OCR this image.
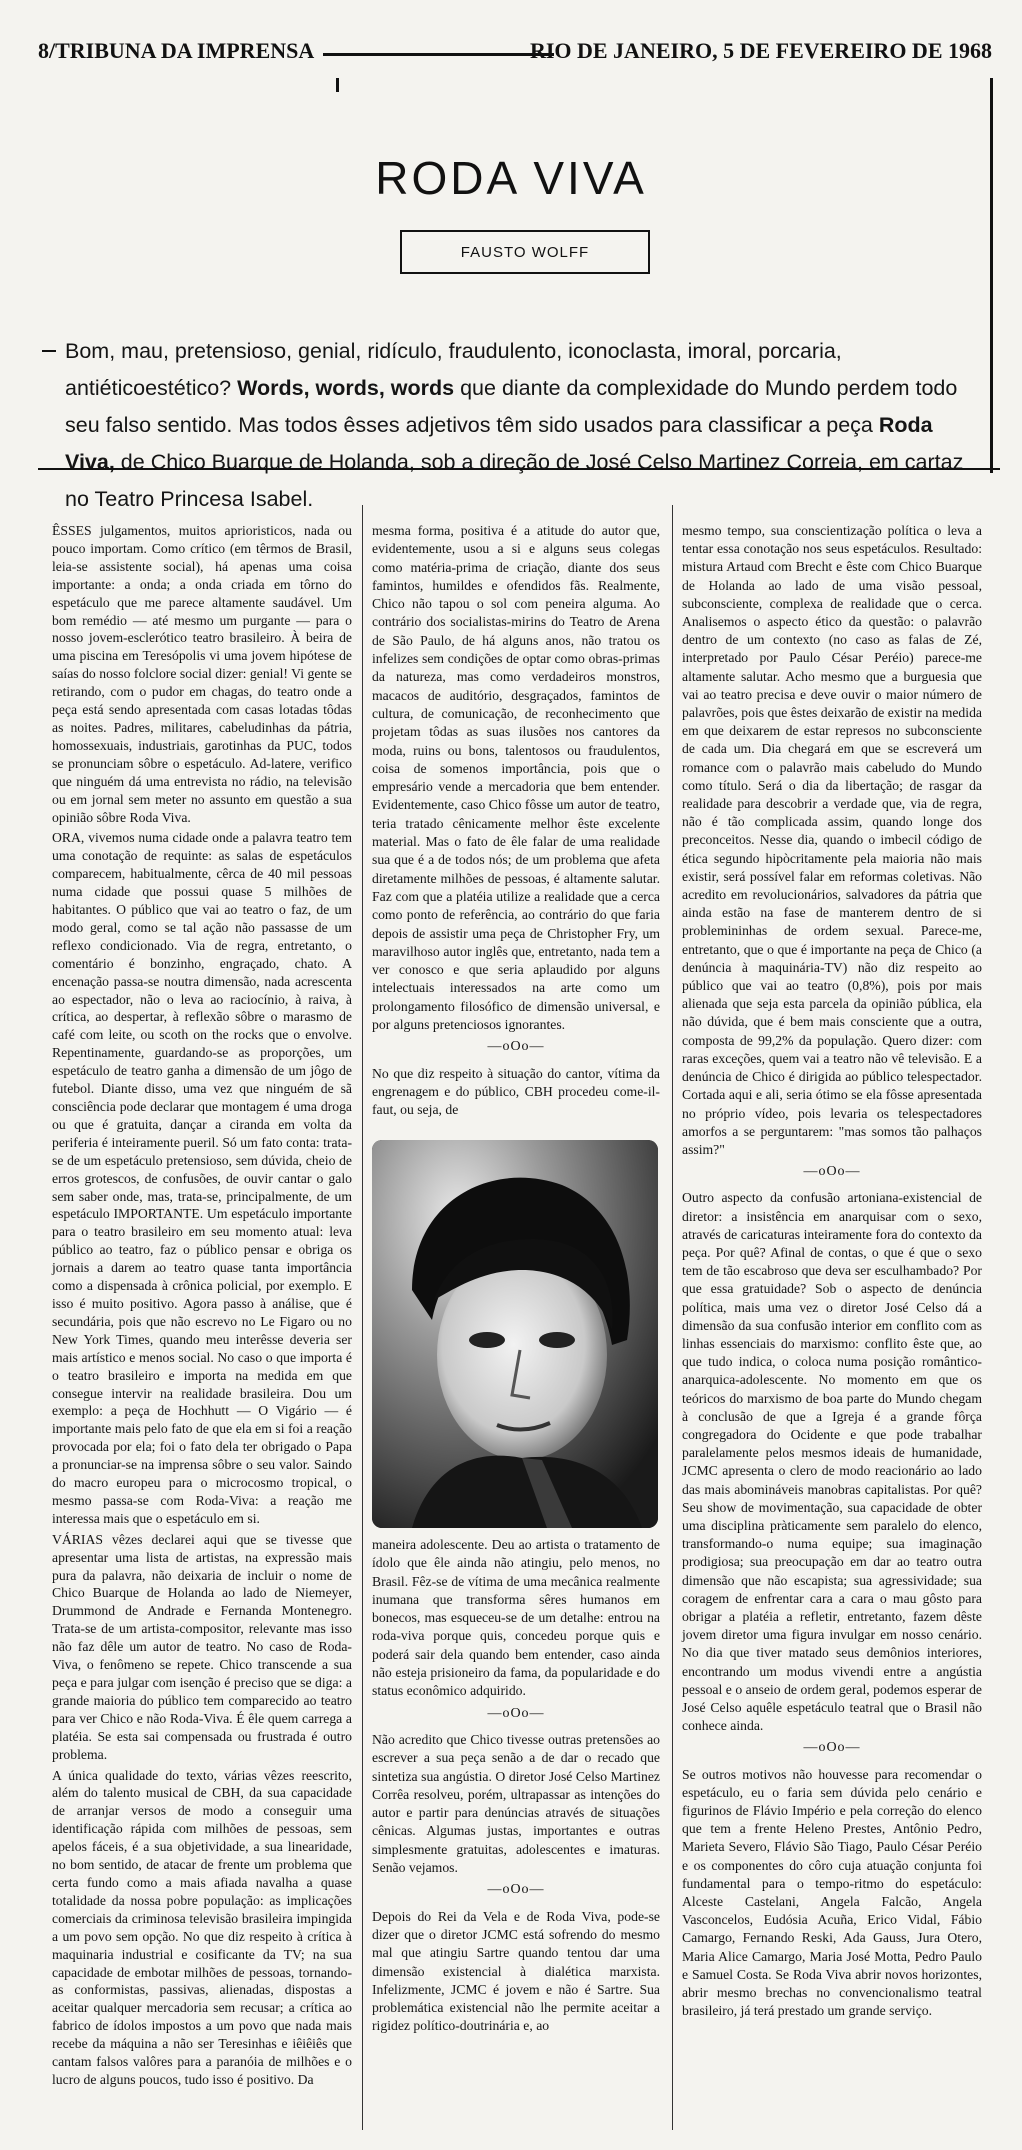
8/TRIBUNA DA IMPRENSA	RIO DE JANEIRO, 5 DE FEVEREIRO DE 1968
RODA VIVA
FAUSTO WOLFF
Bom, mau, pretensioso, genial, ridículo, fraudulento, iconoclasta, imoral, porcaria, antiéticoestético? Words, words, words que diante da complexidade do Mundo perdem todo seu falso sentido. Mas todos êsses adjetivos têm sido usados para classificar a peça Roda Viva, de Chico Buarque de Holanda, sob a direção de José Celso Martinez Correia, em cartaz no Teatro Princesa Isabel.

ÊSSES julgamentos, muitos aprioristicos, nada ou pouco importam. Como crítico (em têrmos de Brasil, leia-se assistente social), há apenas uma coisa importante: a onda; a onda criada em tôrno do espetáculo que me parece altamente saudável. Um bom remédio — até mesmo um purgante — para o nosso jovem-esclerótico teatro brasileiro. À beira de uma piscina em Teresópolis vi uma jovem hipótese de saías do nosso folclore social dizer: genial! Vi gente se retirando, com o pudor em chagas, do teatro onde a peça está sendo apresentada com casas lotadas tôdas as noites. Padres, militares, cabeludinhas da pátria, homossexuais, industriais, garotinhas da PUC, todos se pronunciam sôbre o espetáculo. Ad-latere, verifico que ninguém dá uma entrevista no rádio, na televisão ou em jornal sem meter no assunto em questão a sua opinião sôbre Roda Viva.

ORA, vivemos numa cidade onde a palavra teatro tem uma conotação de requinte: as salas de espetáculos comparecem, habitualmente, cêrca de 40 mil pessoas numa cidade que possui quase 5 milhões de habitantes. O público que vai ao teatro o faz, de um modo geral, como se tal ação não passasse de um reflexo condicionado. Via de regra, entretanto, o comentário é bonzinho, engraçado, chato. A encenação passa-se noutra dimensão, nada acrescenta ao espectador, não o leva ao raciocínio, à raiva, à crítica, ao despertar, à reflexão sôbre o marasmo de café com leite, ou scoth on the rocks que o envolve. Repentinamente, guardando-se as proporções, um espetáculo de teatro ganha a dimensão de um jôgo de futebol. Diante disso, uma vez que ninguém de sã consciência pode declarar que montagem é uma droga ou que é gratuita, dançar a ciranda em volta da periferia é inteiramente pueril. Só um fato conta: trata-se de um espetáculo pretensioso, sem dúvida, cheio de erros grotescos, de confusões, de ouvir cantar o galo sem saber onde, mas, trata-se, principalmente, de um espetáculo IMPORTANTE. Um espetáculo importante para o teatro brasileiro em seu momento atual: leva público ao teatro, faz o público pensar e obriga os jornais a darem ao teatro quase tanta importância como a dispensada à crônica policial, por exemplo. E isso é muito positivo. Agora passo à análise, que é secundária, pois que não escrevo no Le Figaro ou no New York Times, quando meu interêsse deveria ser mais artístico e menos social. No caso o que importa é o teatro brasileiro e importa na medida em que consegue intervir na realidade brasileira. Dou um exemplo: a peça de Hochhutt — O Vigário — é importante mais pelo fato de que ela em si foi a reação provocada por ela; foi o fato dela ter obrigado o Papa a pronunciar-se na imprensa sôbre o seu valor. Saindo do macro europeu para o microcosmo tropical, o mesmo passa-se com Roda-Viva: a reação me interessa mais que o espetáculo em si.

VÁRIAS vêzes declarei aqui que se tivesse que apresentar uma lista de artistas, na expressão mais pura da palavra, não deixaria de incluir o nome de Chico Buarque de Holanda ao lado de Niemeyer, Drummond de Andrade e Fernanda Montenegro. Trata-se de um artista-compositor, relevante mas isso não faz dêle um autor de teatro. No caso de Roda-Viva, o fenômeno se repete. Chico transcende a sua peça e para julgar com isenção é preciso que se diga: a grande maioria do público tem comparecido ao teatro para ver Chico e não Roda-Viva. É êle quem carrega a platéia. Se esta sai compensada ou frustrada é outro problema.

A única qualidade do texto, várias vêzes reescrito, além do talento musical de CBH, da sua capacidade de arranjar versos de modo a conseguir uma identificação rápida com milhões de pessoas, sem apelos fáceis, é a sua objetividade, a sua linearidade, no bom sentido, de atacar de frente um problema que certa fundo como a mais afiada navalha a quase totalidade da nossa pobre população: as implicações comerciais da criminosa televisão brasileira impingida a um povo sem opção. No que diz respeito à crítica à maquinaria industrial e cosificante da TV; na sua capacidade de embotar milhões de pessoas, tornando-as conformistas, passivas, alienadas, dispostas a aceitar qualquer mercadoria sem recusar; a crítica ao fabrico de ídolos impostos a um povo que nada mais recebe da máquina a não ser Teresinhas e iêiêiês que cantam falsos valôres para a paranóia de milhões e o lucro de alguns poucos, tudo isso é positivo. Da

mesma forma, positiva é a atitude do autor que, evidentemente, usou a si e alguns seus colegas como matéria-prima de criação, diante dos seus famintos, humildes e ofendidos fãs. Realmente, Chico não tapou o sol com peneira alguma. Ao contrário dos socialistas-mirins do Teatro de Arena de São Paulo, de há alguns anos, não tratou os infelizes sem condições de optar como obras-primas da natureza, mas como verdadeiros monstros, macacos de auditório, desgraçados, famintos de cultura, de comunicação, de reconhecimento que projetam tôdas as suas ilusões nos cantores da moda, ruins ou bons, talentosos ou fraudulentos, coisa de somenos importância, pois que o empresário vende a mercadoria que bem entender. Evidentemente, caso Chico fôsse um autor de teatro, teria tratado cênicamente melhor êste excelente material. Mas o fato de êle falar de uma realidade sua que é a de todos nós; de um problema que afeta diretamente milhões de pessoas, é altamente salutar. Faz com que a platéia utilize a realidade que a cerca como ponto de referência, ao contrário do que faria depois de assistir uma peça de Christopher Fry, um maravilhoso autor inglês que, entretanto, nada tem a ver conosco e que seria aplaudido por alguns intelectuais interessados na arte como um prolongamento filosófico de dimensão universal, e por alguns pretenciosos ignorantes.

—oOo—

No que diz respeito à situação do cantor, vítima da engrenagem e do público, CBH procedeu come-il-faut, ou seja, de

maneira adolescente. Deu ao artista o tratamento de ídolo que êle ainda não atingiu, pelo menos, no Brasil. Fêz-se de vítima de uma mecânica realmente inumana que transforma sêres humanos em bonecos, mas esqueceu-se de um detalhe: entrou na roda-viva porque quis, concedeu porque quis e poderá sair dela quando bem entender, caso ainda não esteja prisioneiro da fama, da popularidade e do status econômico adquirido.

—oOo—

Não acredito que Chico tivesse outras pretensões ao escrever a sua peça senão a de dar o recado que sintetiza sua angústia. O diretor José Celso Martinez Corrêa resolveu, porém, ultrapassar as intenções do autor e partir para denúncias através de situações cênicas. Algumas justas, importantes e outras simplesmente gratuitas, adolescentes e imaturas. Senão vejamos.

—oOo—

Depois do Rei da Vela e de Roda Viva, pode-se dizer que o diretor JCMC está sofrendo do mesmo mal que atingiu Sartre quando tentou dar uma dimensão existencial à dialética marxista. Infelizmente, JCMC é jovem e não é Sartre. Sua problemática existencial não lhe permite aceitar a rigidez político-doutrinária e, ao

mesmo tempo, sua conscientização política o leva a tentar essa conotação nos seus espetáculos. Resultado: mistura Artaud com Brecht e êste com Chico Buarque de Holanda ao lado de uma visão pessoal, subconsciente, complexa de realidade que o cerca. Analisemos o aspecto ético da questão: o palavrão dentro de um contexto (no caso as falas de Zé, interpretado por Paulo César Peréio) parece-me altamente salutar. Acho mesmo que a burguesia que vai ao teatro precisa e deve ouvir o maior número de palavrões, pois que êstes deixarão de existir na medida em que deixarem de estar represos no subconsciente de cada um. Dia chegará em que se escreverá um romance com o palavrão mais cabeludo do Mundo como título. Será o dia da libertação; de rasgar da realidade para descobrir a verdade que, via de regra, não é tão complicada assim, quando longe dos preconceitos. Nesse dia, quando o imbecil código de ética segundo hipòcritamente pela maioria não mais existir, será possível falar em reformas coletivas. Não acredito em revolucionários, salvadores da pátria que ainda estão na fase de manterem dentro de si problemininhas de ordem sexual. Parece-me, entretanto, que o que é importante na peça de Chico (a denúncia à maquinária-TV) não diz respeito ao público que vai ao teatro (0,8%), pois por mais alienada que seja esta parcela da opinião pública, ela não dúvida, que é bem mais consciente que a outra, composta de 99,2% da população. Quero dizer: com raras exceções, quem vai a teatro não vê televisão. E a denúncia de Chico é dirigida ao público telespectador. Cortada aqui e ali, seria ótimo se ela fôsse apresentada no próprio vídeo, pois levaria os telespectadores amorfos a se perguntarem: "mas somos tão palhaços assim?"

—oOo—

Outro aspecto da confusão artoniana-existencial de diretor: a insistência em anarquisar com o sexo, através de caricaturas inteiramente fora do contexto da peça. Por quê? Afinal de contas, o que é que o sexo tem de tão escabroso que deva ser esculhambado? Por que essa gratuidade? Sob o aspecto de denúncia política, mais uma vez o diretor José Celso dá a dimensão da sua confusão interior em conflito com as linhas essenciais do marxismo: conflito êste que, ao que tudo indica, o coloca numa posição romântico-anarquica-adolescente. No momento em que os teóricos do marxismo de boa parte do Mundo chegam à conclusão de que a Igreja é a grande fôrça congregadora do Ocidente e que pode trabalhar paralelamente pelos mesmos ideais de humanidade, JCMC apresenta o clero de modo reacionário ao lado das mais abomináveis manobras capitalistas. Por quê? Seu show de movimentação, sua capacidade de obter uma disciplina pràticamente sem paralelo do elenco, transformando-o numa equipe; sua imaginação prodigiosa; sua preocupação em dar ao teatro outra dimensão que não escapista; sua agressividade; sua coragem de enfrentar cara a cara o mau gôsto para obrigar a platéia a refletir, entretanto, fazem dêste jovem diretor uma figura invulgar em nosso cenário. No dia que tiver matado seus demônios interiores, encontrando um modus vivendi entre a angústia pessoal e o anseio de ordem geral, podemos esperar de José Celso aquêle espetáculo teatral que o Brasil não conhece ainda.

—oOo—

Se outros motivos não houvesse para recomendar o espetáculo, eu o faria sem dúvida pelo cenário e figurinos de Flávio Império e pela correção do elenco que tem a frente Heleno Prestes, Antônio Pedro, Marieta Severo, Flávio São Tiago, Paulo César Peréio e os componentes do côro cuja atuação conjunta foi fundamental para o tempo-ritmo do espetáculo: Alceste Castelani, Angela Falcão, Angela Vasconcelos, Eudósia Acuña, Erico Vidal, Fábio Camargo, Fernando Reski, Ada Gauss, Jura Otero, Maria Alice Camargo, Maria José Motta, Pedro Paulo e Samuel Costa. Se Roda Viva abrir novos horizontes, abrir mesmo brechas no convencionalismo teatral brasileiro, já terá prestado um grande serviço.
